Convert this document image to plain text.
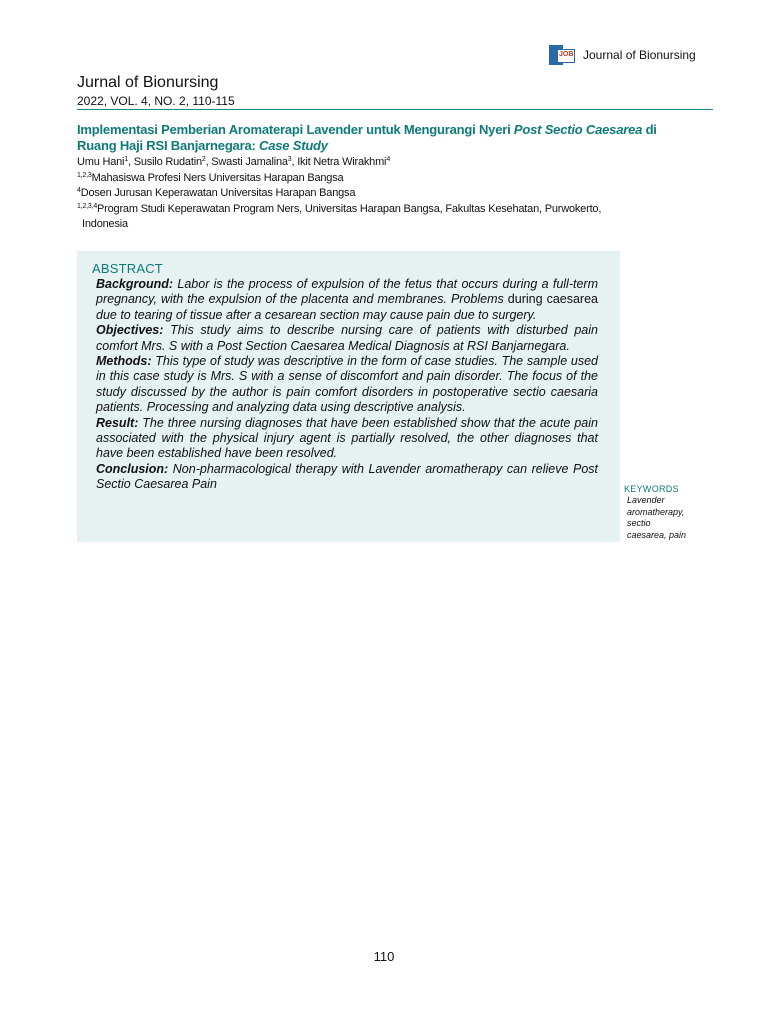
JOB Journal of Bionursing
Jurnal of Bionursing
2022, VOL. 4, NO. 2, 110-115
Implementasi Pemberian Aromaterapi Lavender untuk Mengurangi Nyeri Post Sectio Caesarea di Ruang Haji RSI Banjarnegara: Case Study
Umu Hani$^1$, Susilo Rudatin$^2$, Swasti Jamalina$^3$, Ikit Netra Wirakhmi$^4$
$^{1,2,3}$Mahasiswa Profesi Ners Universitas Harapan Bangsa
$^4$Dosen Jurusan Keperawatan Universitas Harapan Bangsa
$^{1,2,3,4}$Program Studi Keperawatan Program Ners, Universitas Harapan Bangsa, Fakultas Kesehatan, Purwokerto,
Indonesia
ABSTRACT

Background: Labor is the process of expulsion of the fetus that occurs during a full-term pregnancy, with the expulsion of the placenta and membranes. Problems during caesarea due to tearing of tissue after a cesarean section may cause pain due to surgery.

Objectives: This study aims to describe nursing care of patients with disturbed pain comfort Mrs. S with a Post Section Caesarea Medical Diagnosis at RSI Banjarnegara.

Methods: This type of study was descriptive in the form of case studies. The sample used in this case study is Mrs. S with a sense of discomfort and pain disorder. The focus of the study discussed by the author is pain comfort disorders in postoperative sectio caesaria patients. Processing and analyzing data using descriptive analysis.

Result: The three nursing diagnoses that have been established show that the acute pain associated with the physical injury agent is partially resolved, the other diagnoses that have been established have been resolved.

Conclusion: Non-pharmacological therapy with Lavender aromatherapy can relieve Post Sectio Caesarea Pain	KEYWORDS
Lavender
aromatherapy,
sectio
caesarea, pain
110
